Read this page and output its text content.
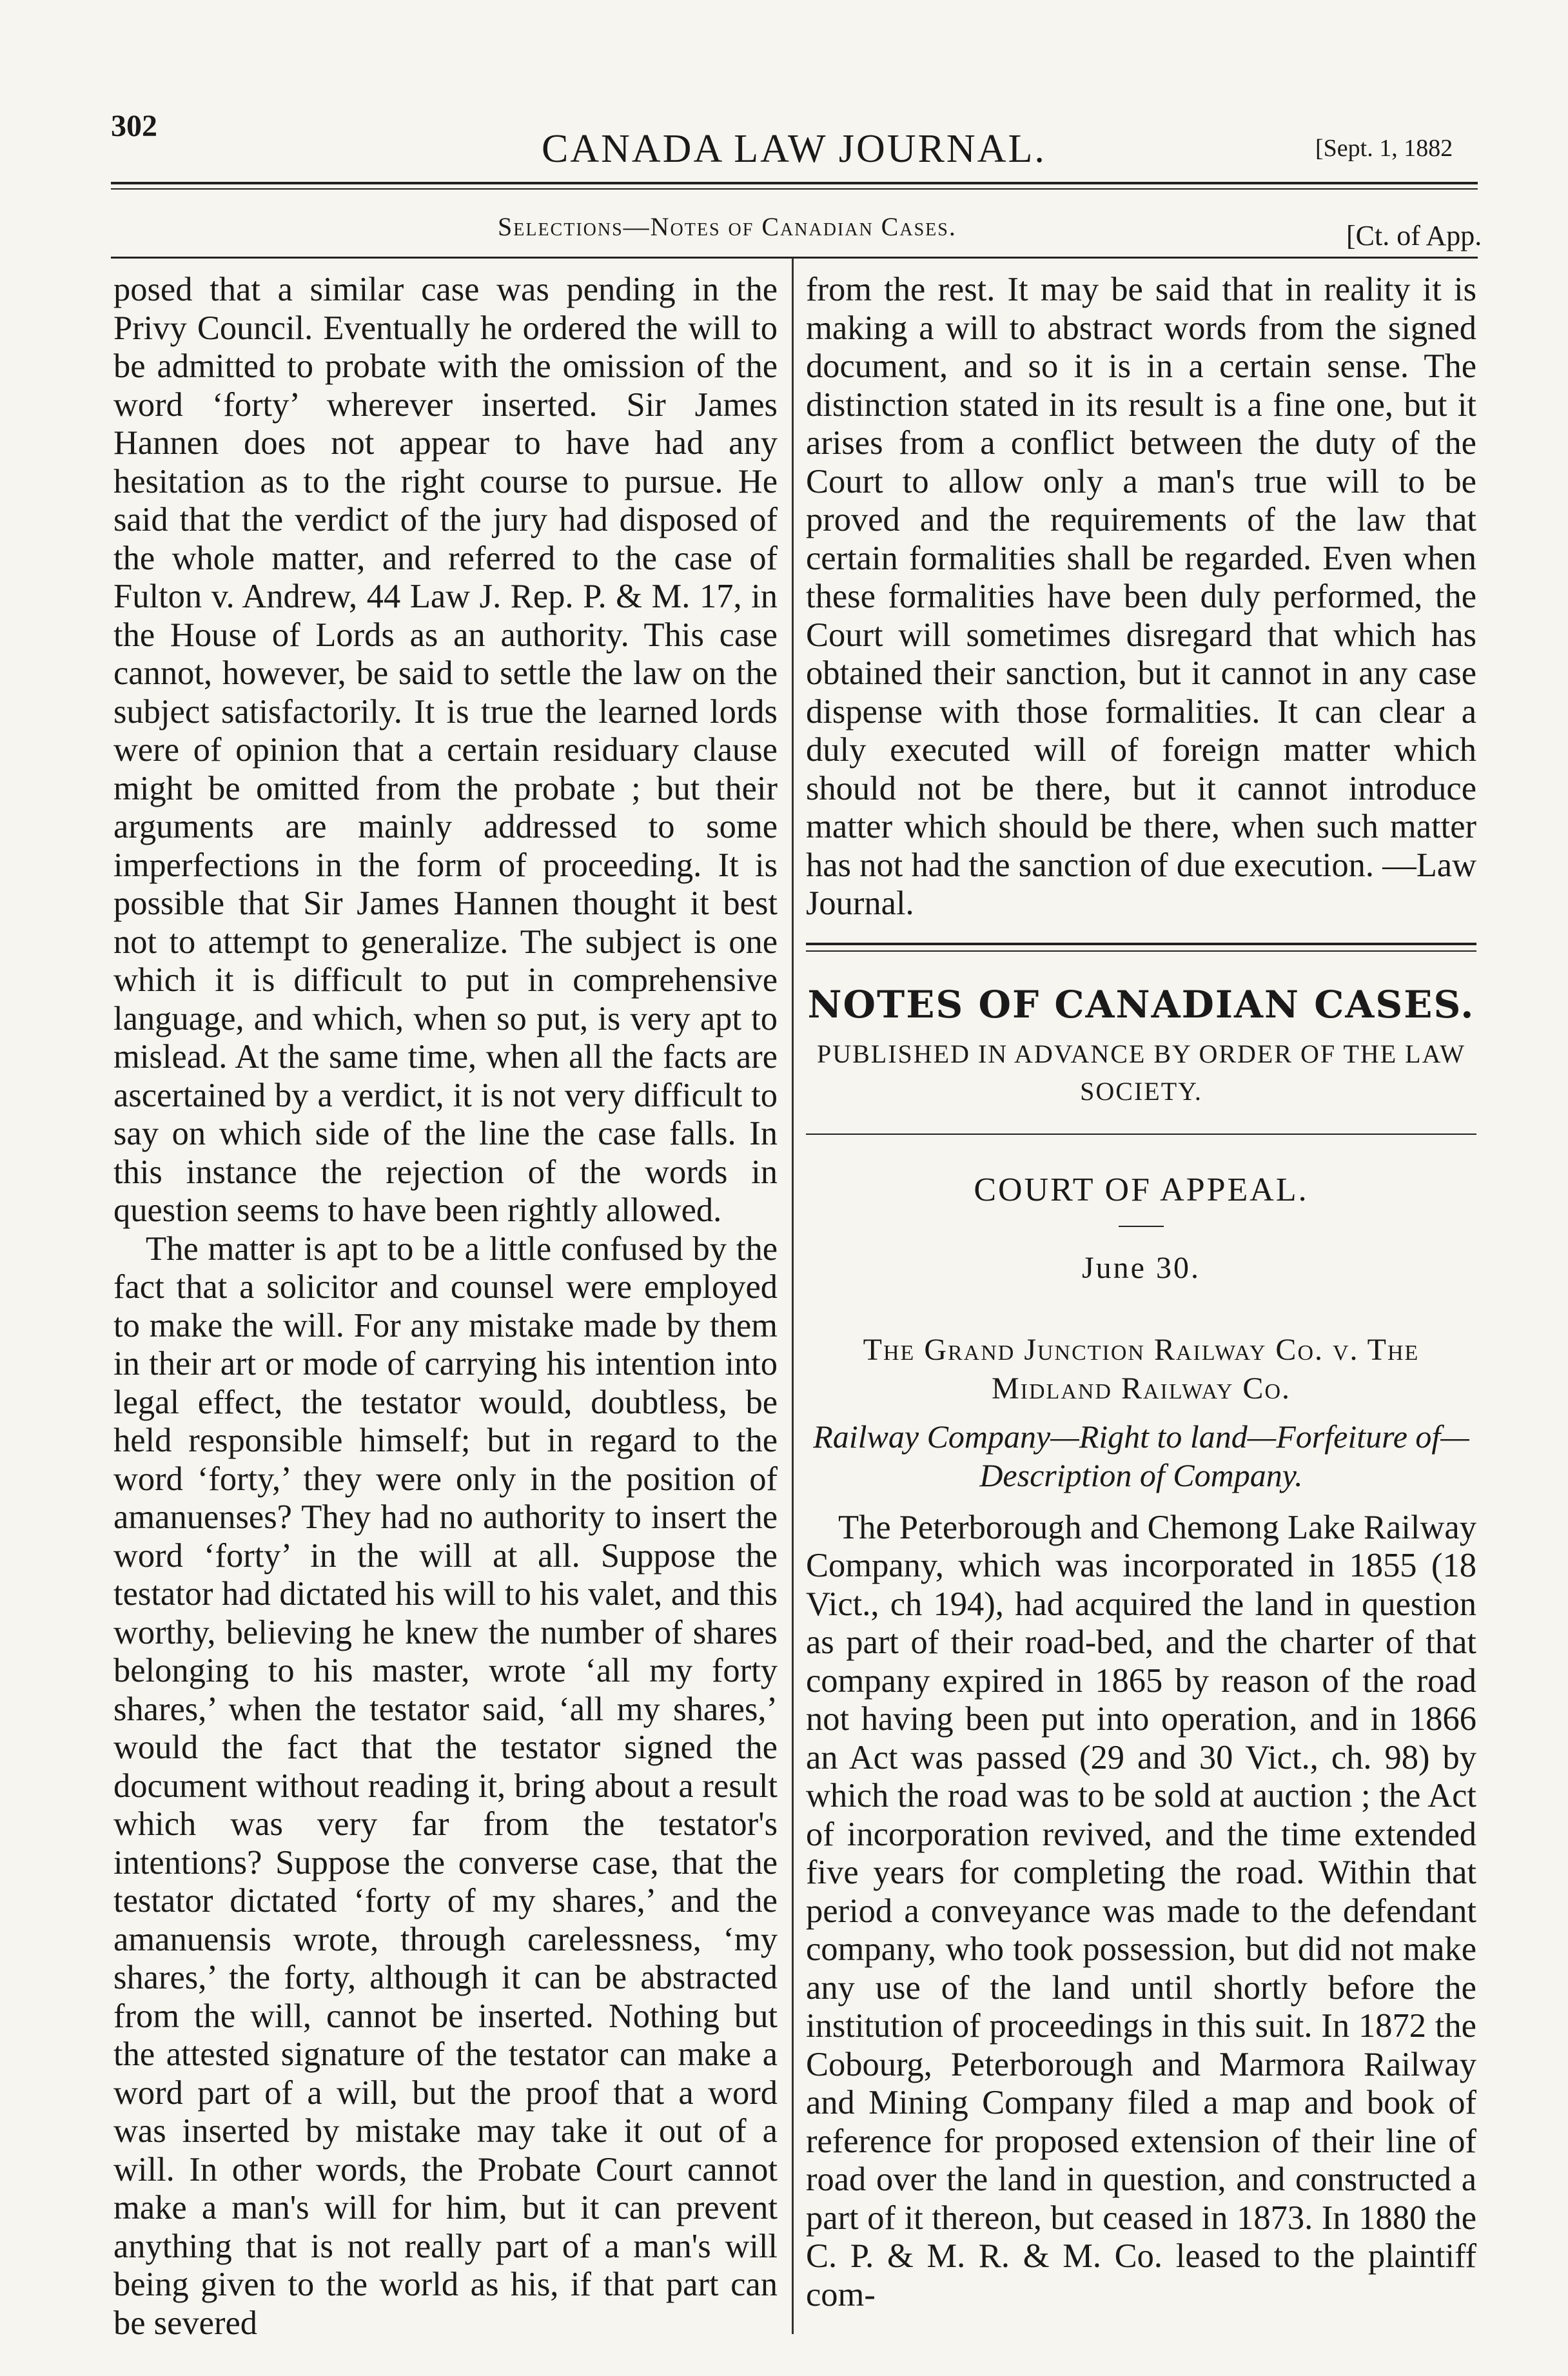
302
CANADA LAW JOURNAL.	[Sept. 1, 1882
Selections—Notes of Canadian Cases.	[Ct. of App.

posed that a similar case was pending in the Privy Council. Eventually he ordered the will to be admitted to probate with the omission of the word ‘forty’ wherever inserted. Sir James Hannen does not appear to have had any hesitation as to the right course to pursue. He said that the verdict of the jury had disposed of the whole matter, and referred to the case of Fulton v. Andrew, 44 Law J. Rep. P. & M. 17, in the House of Lords as an authority. This case cannot, however, be said to settle the law on the subject satisfactorily. It is true the learned lords were of opinion that a certain residuary clause might be omitted from the probate ; but their arguments are mainly addressed to some imperfections in the form of proceeding. It is possible that Sir James Hannen thought it best not to attempt to generalize. The subject is one which it is difficult to put in comprehensive language, and which, when so put, is very apt to mislead. At the same time, when all the facts are ascertained by a verdict, it is not very difficult to say on which side of the line the case falls. In this instance the rejection of the words in question seems to have been rightly allowed.

The matter is apt to be a little confused by the fact that a solicitor and counsel were employed to make the will. For any mistake made by them in their art or mode of carrying his intention into legal effect, the testator would, doubtless, be held responsible himself; but in regard to the word ‘forty,’ they were only in the position of amanuenses? They had no authority to insert the word ‘forty’ in the will at all. Suppose the testator had dictated his will to his valet, and this worthy, believing he knew the number of shares belonging to his master, wrote ‘all my forty shares,’ when the testator said, ‘all my shares,’ would the fact that the testator signed the document without reading it, bring about a result which was very far from the testator's intentions? Suppose the converse case, that the testator dictated ‘forty of my shares,’ and the amanuensis wrote, through carelessness, ‘my shares,’ the forty, although it can be abstracted from the will, cannot be inserted. Nothing but the attested signature of the testator can make a word part of a will, but the proof that a word was inserted by mistake may take it out of a will. In other words, the Probate Court cannot make a man's will for him, but it can prevent anything that is not really part of a man's will being given to the world as his, if that part can be severed

from the rest. It may be said that in reality it is making a will to abstract words from the signed document, and so it is in a certain sense. The distinction stated in its result is a fine one, but it arises from a conflict between the duty of the Court to allow only a man's true will to be proved and the requirements of the law that certain formalities shall be regarded. Even when these formalities have been duly performed, the Court will sometimes disregard that which has obtained their sanction, but it cannot in any case dispense with those formalities. It can clear a duly executed will of foreign matter which should not be there, but it cannot introduce matter which should be there, when such matter has not had the sanction of due execution. —Law Journal.

NOTES OF CANADIAN CASES.
PUBLISHED IN ADVANCE BY ORDER OF THE LAW SOCIETY.
COURT OF APPEAL.
June 30.
The Grand Junction Railway Co. v. The Midland Railway Co.
Railway Company—Right to land—Forfeiture of—Description of Company.

The Peterborough and Chemong Lake Railway Company, which was incorporated in 1855 (18 Vict., ch 194), had acquired the land in question as part of their road-bed, and the charter of that company expired in 1865 by reason of the road not having been put into operation, and in 1866 an Act was passed (29 and 30 Vict., ch. 98) by which the road was to be sold at auction ; the Act of incorporation revived, and the time extended five years for completing the road. Within that period a conveyance was made to the defendant company, who took possession, but did not make any use of the land until shortly before the institution of proceedings in this suit. In 1872 the Cobourg, Peterborough and Marmora Railway and Mining Company filed a map and book of reference for proposed extension of their line of road over the land in question, and constructed a part of it thereon, but ceased in 1873. In 1880 the C. P. & M. R. & M. Co. leased to the plaintiff com-
